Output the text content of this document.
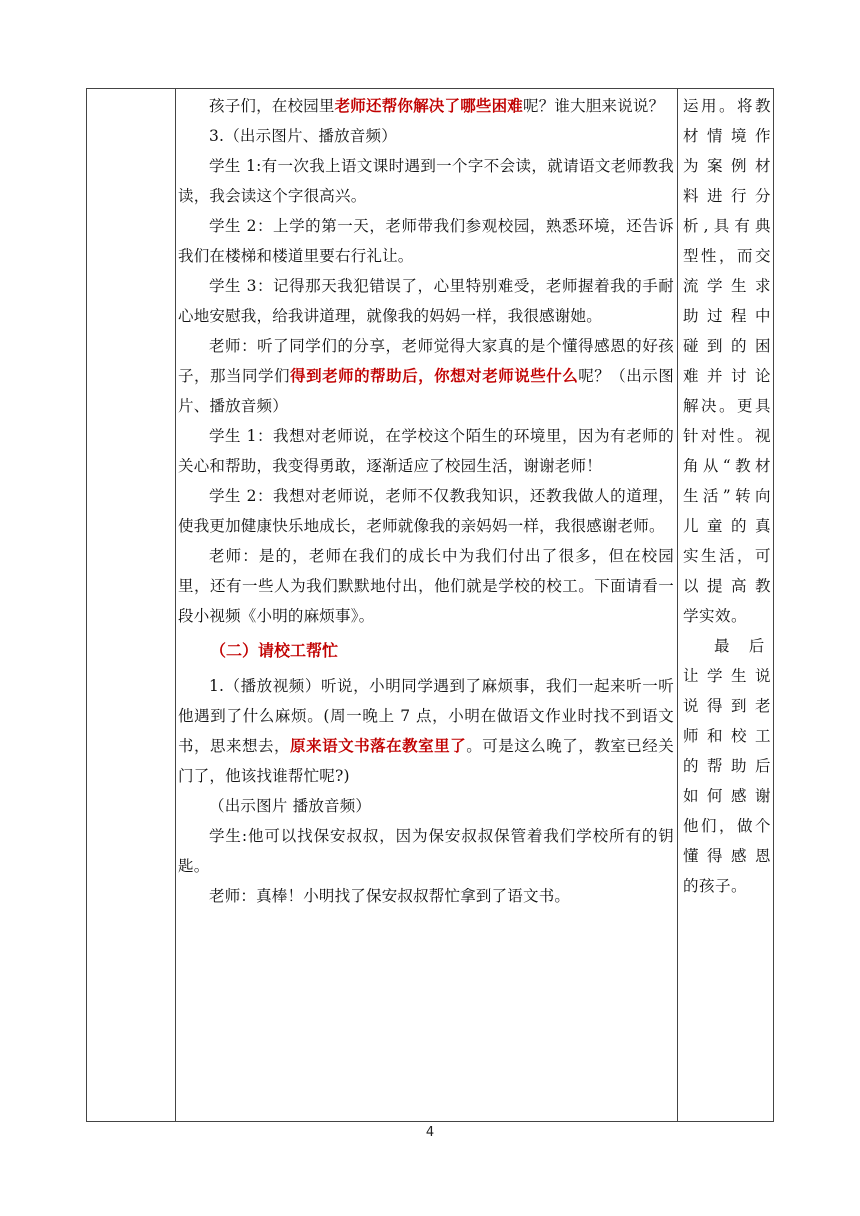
孩子们，在校园里老师还帮你解决了哪些困难呢？谁大胆来说说？

3.（出示图片、播放音频）

学生 1:有一次我上语文课时遇到一个字不会读，就请语文老师教我读，我会读这个字很高兴。

学生 2：上学的第一天，老师带我们参观校园，熟悉环境，还告诉我们在楼梯和楼道里要右行礼让。

学生 3：记得那天我犯错误了，心里特别难受，老师握着我的手耐心地安慰我，给我讲道理，就像我的妈妈一样，我很感谢她。

老师：听了同学们的分享，老师觉得大家真的是个懂得感恩的好孩子，那当同学们得到老师的帮助后，你想对老师说些什么呢？（出示图片、播放音频）

学生 1：我想对老师说，在学校这个陌生的环境里，因为有老师的关心和帮助，我变得勇敢，逐渐适应了校园生活，谢谢老师！

学生 2：我想对老师说，老师不仅教我知识，还教我做人的道理，使我更加健康快乐地成长，老师就像我的亲妈妈一样，我很感谢老师。

老师：是的，老师在我们的成长中为我们付出了很多，但在校园里，还有一些人为我们默默地付出，他们就是学校的校工。下面请看一段小视频《小明的麻烦事》。

（二）请校工帮忙

1.（播放视频）听说，小明同学遇到了麻烦事，我们一起来听一听他遇到了什么麻烦。(周一晚上 7 点，小明在做语文作业时找不到语文书，思来想去，原来语文书落在教室里了。可是这么晚了，教室已经关门了，他该找谁帮忙呢?)

（出示图片 播放音频）

学生:他可以找保安叔叔，因为保安叔叔保管着我们学校所有的钥匙。

老师：真棒！小明找了保安叔叔帮忙拿到了语文书。

运用。将教
材情境作
为案例材
料进行分
析,具有典
型性，而交
流学生求
助过程中
碰到的困
难并讨论
解决。更具
针对性。视
角从“教材
生活”转向
儿童的真
实生活，可
以提高教
学实效。
最后
让学生说
说得到老
师和校工
的帮助后
如何感谢
他们，做个
懂得感恩
的孩子。
4
